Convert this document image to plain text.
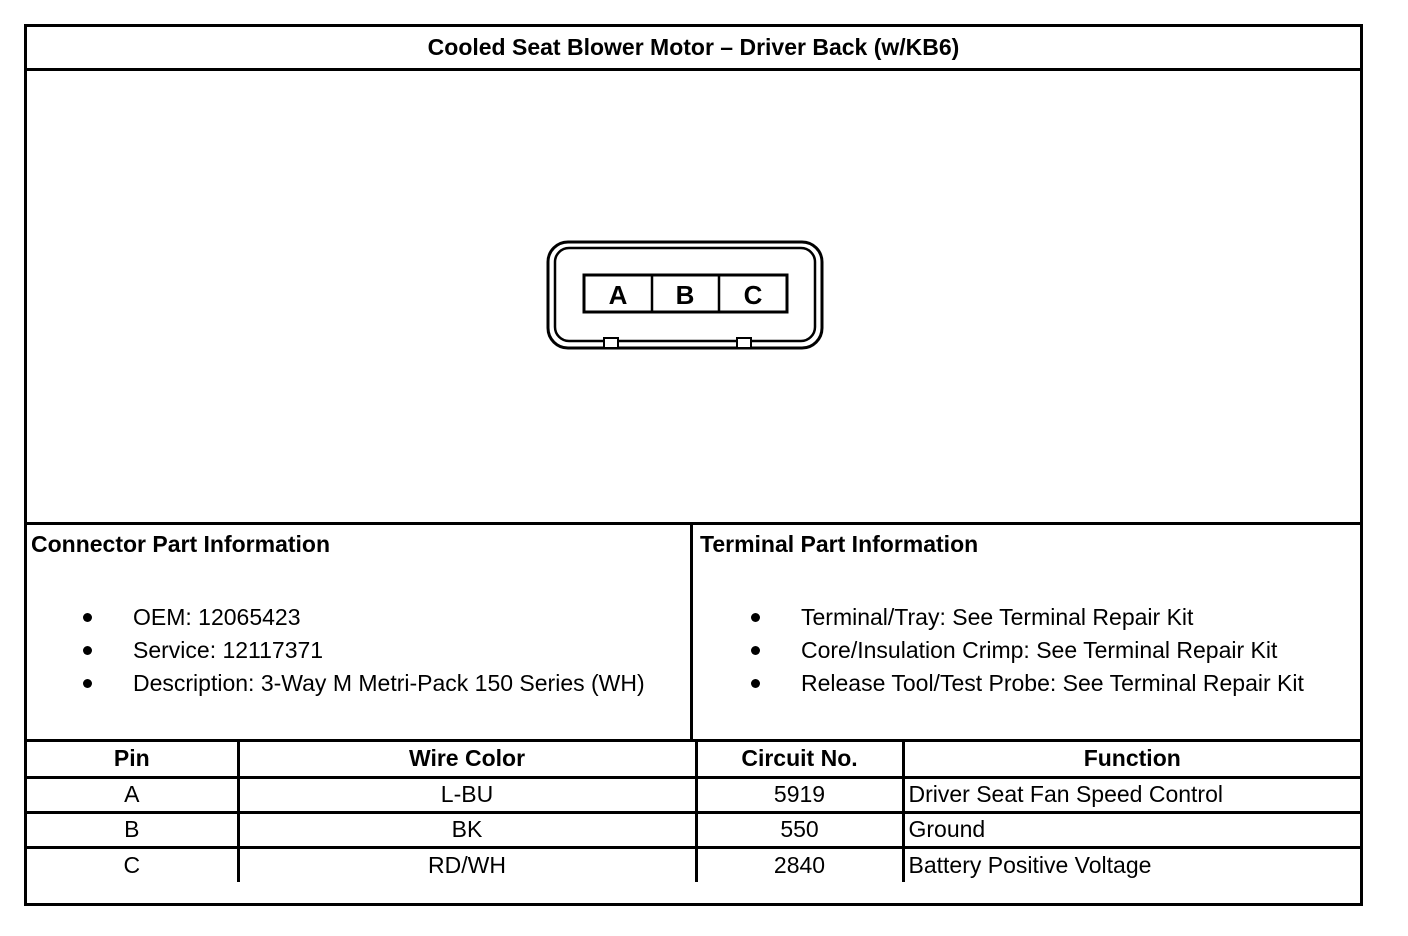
Cooled Seat Blower Motor – Driver Back (w/KB6)
A B C
Connector Part Information
OEM: 12065423
Service: 12117371
Description: 3-Way M Metri-Pack 150 Series (WH)
Terminal Part Information
Terminal/Tray: See Terminal Repair Kit
Core/Insulation Crimp: See Terminal Repair Kit
Release Tool/Test Probe: See Terminal Repair Kit
Pin	Wire Color	Circuit No.	Function
A	L-BU	5919	Driver Seat Fan Speed Control
B	BK	550	Ground
C	RD/WH	2840	Battery Positive Voltage
